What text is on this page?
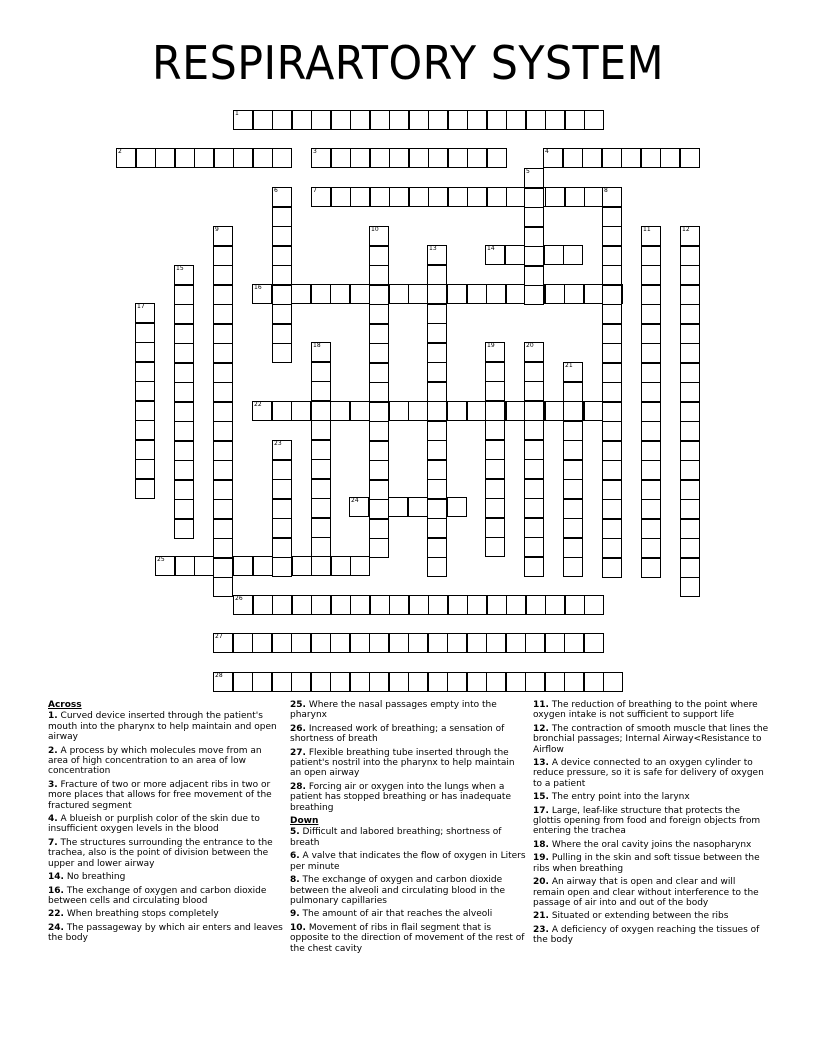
RESPIRARTORY SYSTEM
1
2	3	4
7
14
16
22
24
25
26
27
28
5
6	8
9	10	11	12
13
15
17
18	19	20
21
23
Across
1. Curved device inserted through the patient's mouth into the pharynx to help maintain and open airway
2. A process by which molecules move from an area of high concentration to an area of low concentration
3. Fracture of two or more adjacent ribs in two or more places that allows for free movement of the fractured segment
4. A blueish or purplish color of the skin due to insufficient oxygen levels in the blood
7. The structures surrounding the entrance to the trachea, also is the point of division between the upper and lower airway
14. No breathing
16. The exchange of oxygen and carbon dioxide between cells and circulating blood
22. When breathing stops completely
24. The passageway by which air enters and leaves the body
25. Where the nasal passages empty into the pharynx
26. Increased work of breathing; a sensation of shortness of breath
27. Flexible breathing tube inserted through the patient's nostril into the pharynx to help maintain an open airway
28. Forcing air or oxygen into the lungs when a patient has stopped breathing or has inadequate breathing
Down
5. Difficult and labored breathing; shortness of breath
6. A valve that indicates the flow of oxygen in Liters per minute
8. The exchange of oxygen and carbon dioxide between the alveoli and circulating blood in the pulmonary capillaries
9. The amount of air that reaches the alveoli
10. Movement of ribs in flail segment that is opposite to the direction of movement of the rest of the chest cavity
11. The reduction of breathing to the point where oxygen intake is not sufficient to support life
12. The contraction of smooth muscle that lines the bronchial passages; Internal Airway<Resistance to Airflow
13. A device connected to an oxygen cylinder to reduce pressure, so it is safe for delivery of oxygen to a patient
15. The entry point into the larynx
17. Large, leaf-like structure that protects the glottis opening from food and foreign objects from entering the trachea
18. Where the oral cavity joins the nasopharynx
19. Pulling in the skin and soft tissue between the ribs when breathing
20. An airway that is open and clear and will remain open and clear without interference to the passage of air into and out of the body
21. Situated or extending between the ribs
23. A deficiency of oxygen reaching the tissues of the body
